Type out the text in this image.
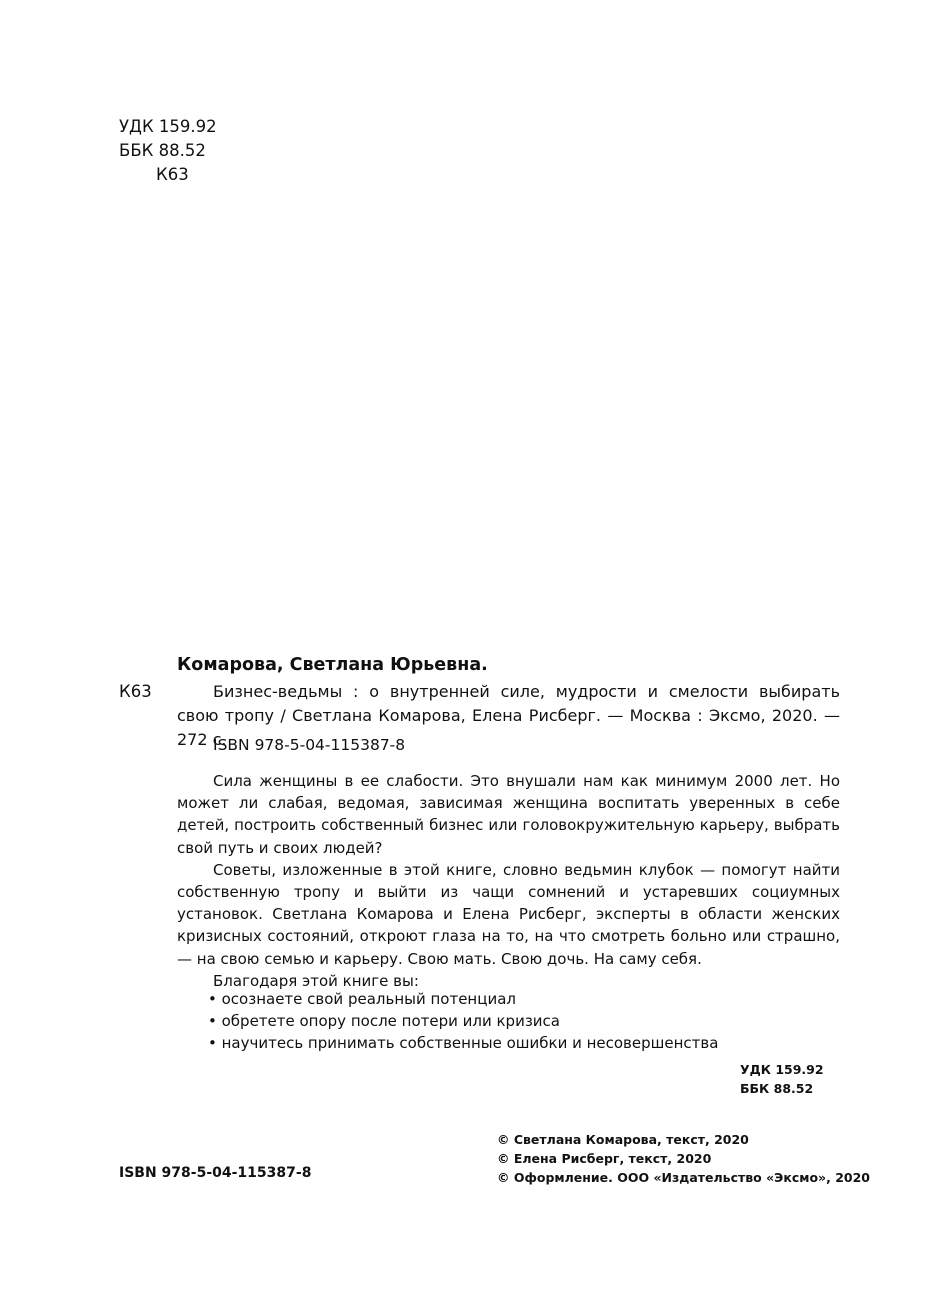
УДК 159.92
ББК 88.52
К63
Комарова, Светлана Юрьевна.
К63	Бизнес-ведьмы : о внутренней силе, мудрости и смелости выбирать свою тропу / Светлана Комарова, Елена Рисберг. — Москва : Эксмо, 2020. — 272 с.
ISBN 978-5-04-115387-8

Сила женщины в ее слабости. Это внушали нам как минимум 2000 лет. Но может ли слабая, ведомая, зависимая женщина воспитать уверенных в себе детей, построить собственный бизнес или головокружительную карьеру, выбрать свой путь и своих людей?

Советы, изложенные в этой книге, словно ведьмин клубок — помогут найти собственную тропу и выйти из чащи сомнений и устаревших социумных установок. Светлана Комарова и Елена Рисберг, эксперты в области женских кризисных состояний, откроют глаза на то, на что смотреть больно или страшно, — на свою семью и карьеру. Свою мать. Свою дочь. На саму себя.

Благодаря этой книге вы:

• осознаете свой реальный потенциал
• обретете опору после потери или кризиса
• научитесь принимать собственные ошибки и несовершенства
УДК 159.92
ББК 88.52
ISBN 978-5-04-115387-8
© Светлана Комарова, текст, 2020
© Елена Рисберг, текст, 2020
© Оформление. ООО «Издательство «Эксмо», 2020
